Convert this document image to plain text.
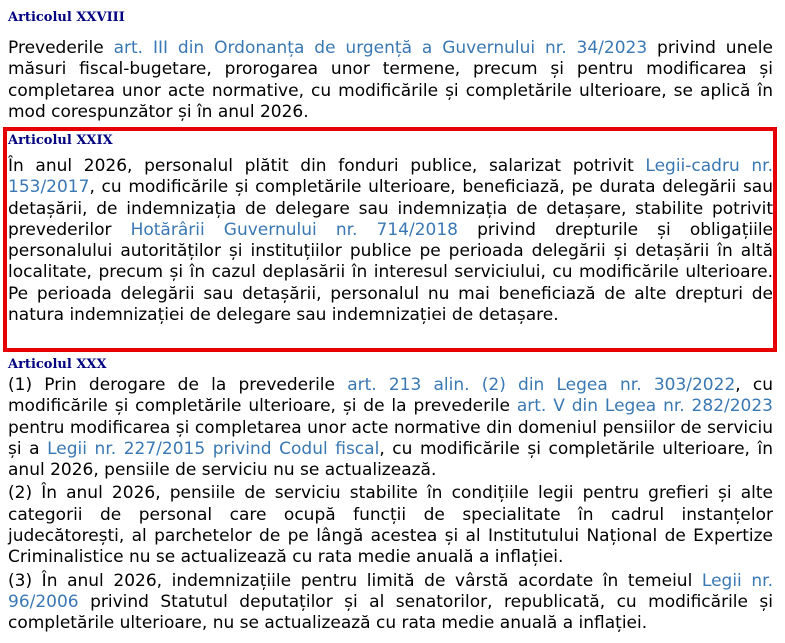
Articolul XXVIII

Prevederile art. III din Ordonanța de urgență a Guvernului nr. 34/2023 privind unele măsuri fiscal-bugetare, prorogarea unor termene, precum și pentru modificarea și completarea unor acte normative, cu modificările și completările ulterioare, se aplică în mod corespunzător și în anul 2026.

Articolul XXIX

În anul 2026, personalul plătit din fonduri publice, salarizat potrivit Legii-cadru nr. 153/2017, cu modificările și completările ulterioare, beneficiază, pe durata delegării sau detașării, de indemnizația de delegare sau indemnizația de detașare, stabilite potrivit prevederilor Hotărârii Guvernului nr. 714/2018 privind drepturile și obligațiile personalului autorităților și instituțiilor publice pe perioada delegării și detașării în altă localitate, precum și în cazul deplasării în interesul serviciului, cu modificările ulterioare. Pe perioada delegării sau detașării, personalul nu mai beneficiază de alte drepturi de natura indemnizației de delegare sau indemnizației de detașare.

Articolul XXX

(1) Prin derogare de la prevederile art. 213 alin. (2) din Legea nr. 303/2022, cu modificările și completările ulterioare, și de la prevederile art. V din Legea nr. 282/2023 pentru modificarea și completarea unor acte normative din domeniul pensiilor de serviciu și a Legii nr. 227/2015 privind Codul fiscal, cu modificările și completările ulterioare, în anul 2026, pensiile de serviciu nu se actualizează.

(2) În anul 2026, pensiile de serviciu stabilite în condițiile legii pentru grefieri și alte categorii de personal care ocupă funcții de specialitate în cadrul instanțelor judecătorești, al parchetelor de pe lângă acestea și al Institutului Național de Expertize Criminalistice nu se actualizează cu rata medie anuală a inflației.

(3) În anul 2026, indemnizațiile pentru limită de vârstă acordate în temeiul Legii nr. 96/2006 privind Statutul deputaților și al senatorilor, republicată, cu modificările și completările ulterioare, nu se actualizează cu rata medie anuală a inflației.
